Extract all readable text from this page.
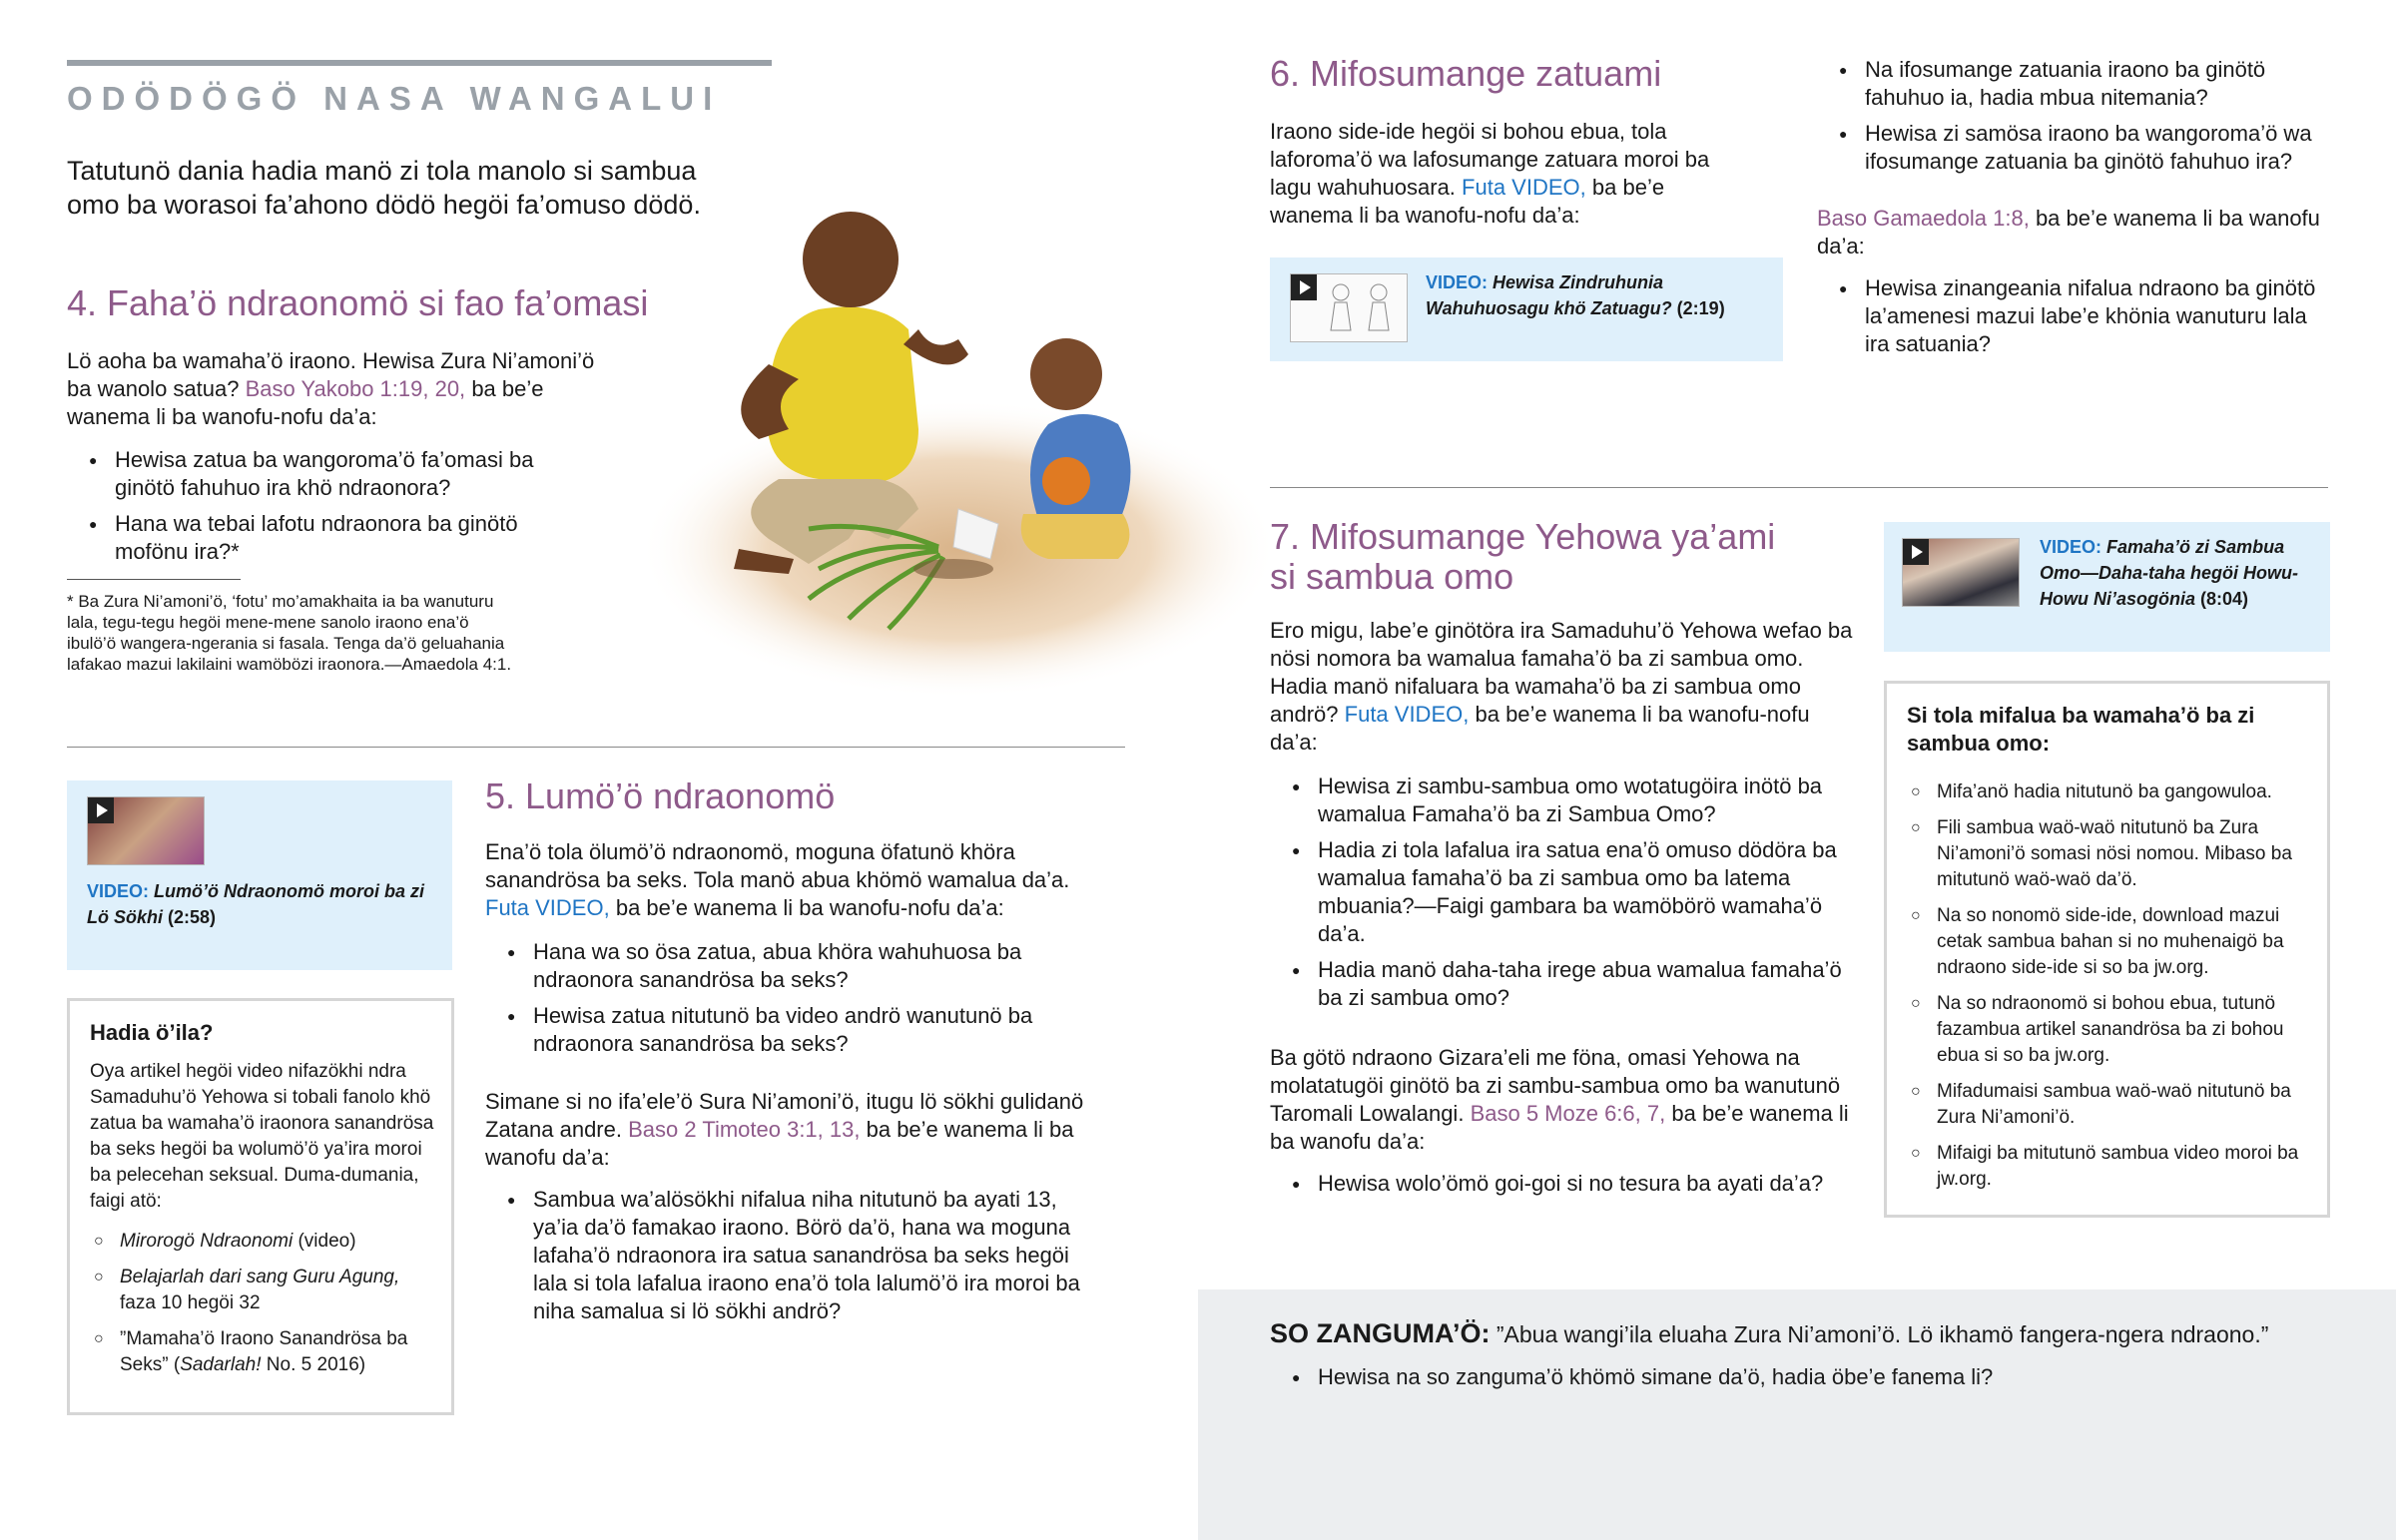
ODÖDÖGÖ NASA WANGALUI

Tatutunö dania hadia manö zi tola manolo si sambua omo ba worasoi fa’ahono dödö hegöi fa’omuso dödö.

4. Faha’ö ndraonomö si fao fa’omasi

Lö aoha ba wamaha’ö iraono. Hewisa Zura Ni’amoni’ö ba wanolo satua? Baso Yakobo 1:19, 20, ba be’e wanema li ba wanofu-nofu da’a:

● Hewisa zatua ba wangoroma’ö fa’omasi ba ginötö fahuhuo ira khö ndraonora?
● Hana wa tebai lafotu ndraonora ba ginötö mofönu ira?*

* Ba Zura Ni’amoni’ö, ‘fotu’ mo’amakhaita ia ba wanuturu lala, tegu-tegu hegöi mene-mene sanolo iraono ena’ö ibulö’ö wangera-ngerania si fasala. Tenga da’ö geluahania lafakao mazui lakilaini wamöbözi iraonora.—Amaedola 4:1.

VIDEO: Lumö’ö Ndraonomö moroi ba zi Lö Sökhi (2:58)

Hadia ö’ila?

Oya artikel hegöi video nifazökhi ndra Samaduhu’ö Yehowa si tobali fanolo khö zatua ba wamaha’ö iraonora sanandrösa ba seks hegöi ba wolumö’ö ya’ira moroi ba pelecehan seksual. Duma-dumania, faigi atö:

○ Mirorogö Ndraonomi (video)
○ Belajarlah dari sang Guru Agung, faza 10 hegöi 32
○ ”Mamaha’ö Iraono Sanandrösa ba Seks” (Sadarlah! No. 5 2016)
5. Lumö’ö ndraonomö

Ena’ö tola ölumö’ö ndraonomö, moguna öfatunö khöra sanandrösa ba seks. Tola manö abua khömö wamalua da’a. Futa VIDEO, ba be’e wanema li ba wanofu-nofu da’a:

● Hana wa so ösa zatua, abua khöra wahuhuosa ba ndraonora sanandrösa ba seks?
● Hewisa zatua nitutunö ba video andrö wanutunö ba ndraonora sanandrösa ba seks?

Simane si no ifa’ele’ö Sura Ni’amoni’ö, itugu lö sökhi gulidanö Zatana andre. Baso 2 Timoteo 3:1, 13, ba be’e wanema li ba wanofu da’a:

● Sambua wa’alösökhi nifalua niha nitutunö ba ayati 13, ya’ia da’ö famakao iraono. Börö da’ö, hana wa moguna lafaha’ö ndraonora ira satua sanandrösa ba seks hegöi lala si tola lafalua iraono ena’ö tola lalumö’ö ira moroi ba niha samalua si lö sökhi andrö?
6. Mifosumange zatuami

Iraono side-ide hegöi si bohou ebua, tola laforoma’ö wa lafosumange zatuara moroi ba lagu wahuhuosara. Futa VIDEO, ba be’e wanema li ba wanofu-nofu da’a:

VIDEO: Hewisa Zindruhunia Wahuhuosagu khö Zatuagu? (2:19)
● Na ifosumange zatuania iraono ba ginötö fahuhuo ia, hadia mbua nitemania?
● Hewisa zi samösa iraono ba wangoroma’ö wa ifosumange zatuania ba ginötö fahuhuo ira?

Baso Gamaedola 1:8, ba be’e wanema li ba wanofu da’a:

● Hewisa zinangeania nifalua ndraono ba ginötö la’amenesi mazui labe’e khönia wanuturu lala ira satuania?
7. Mifosumange Yehowa ya’ami si sambua omo

Ero migu, labe’e ginötöra ira Samaduhu’ö Yehowa wefao ba nösi nomora ba wamalua famaha’ö ba zi sambua omo. Hadia manö nifaluara ba wamaha’ö ba zi sambua omo andrö? Futa VIDEO, ba be’e wanema li ba wanofu-nofu da’a:

● Hewisa zi sambu-sambua omo wotatugöira inötö ba wamalua Famaha’ö ba zi Sambua Omo?
● Hadia zi tola lafalua ira satua ena’ö omuso dödöra ba wamalua famaha’ö ba zi sambua omo ba latema mbuania?—Faigi gambara ba wamöbörö wamaha’ö da’a.
● Hadia manö daha-taha irege abua wamalua famaha’ö ba zi sambua omo?

Ba götö ndraono Gizara’eli me föna, omasi Yehowa na molatatugöi ginötö ba zi sambu-sambua omo ba wanutunö Taromali Lowalangi. Baso 5 Moze 6:6, 7, ba be’e wanema li ba wanofu da’a:

● Hewisa wolo’ömö goi-goi si no tesura ba ayati da’a?
VIDEO: Famaha’ö zi Sambua Omo—Daha-taha hegöi Howu-Howu Ni’asogönia (8:04)

Si tola mifalua ba wamaha’ö ba zi sambua omo:

○ Mifa’anö hadia nitutunö ba gangowuloa.
○ Fili sambua waö-waö nitutunö ba Zura Ni’amoni’ö somasi nösi nomou. Mibaso ba mitutunö waö-waö da’ö.
○ Na so nonomö side-ide, download mazui cetak sambua bahan si no muhenaigö ba ndraono side-ide si so ba jw.org.
○ Na so ndraonomö si bohou ebua, tutunö fazambua artikel sanandrösa ba zi bohou ebua si so ba jw.org.
○ Mifadumaisi sambua waö-waö nitutunö ba Zura Ni’amoni’ö.
○ Mifaigi ba mitutunö sambua video moroi ba jw.org.

SO ZANGUMA’Ö: ”Abua wangi’ila eluaha Zura Ni’amoni’ö. Lö ikhamö fangera-ngera ndraono.”

● Hewisa na so zanguma’ö khömö simane da’ö, hadia öbe’e fanema li?
